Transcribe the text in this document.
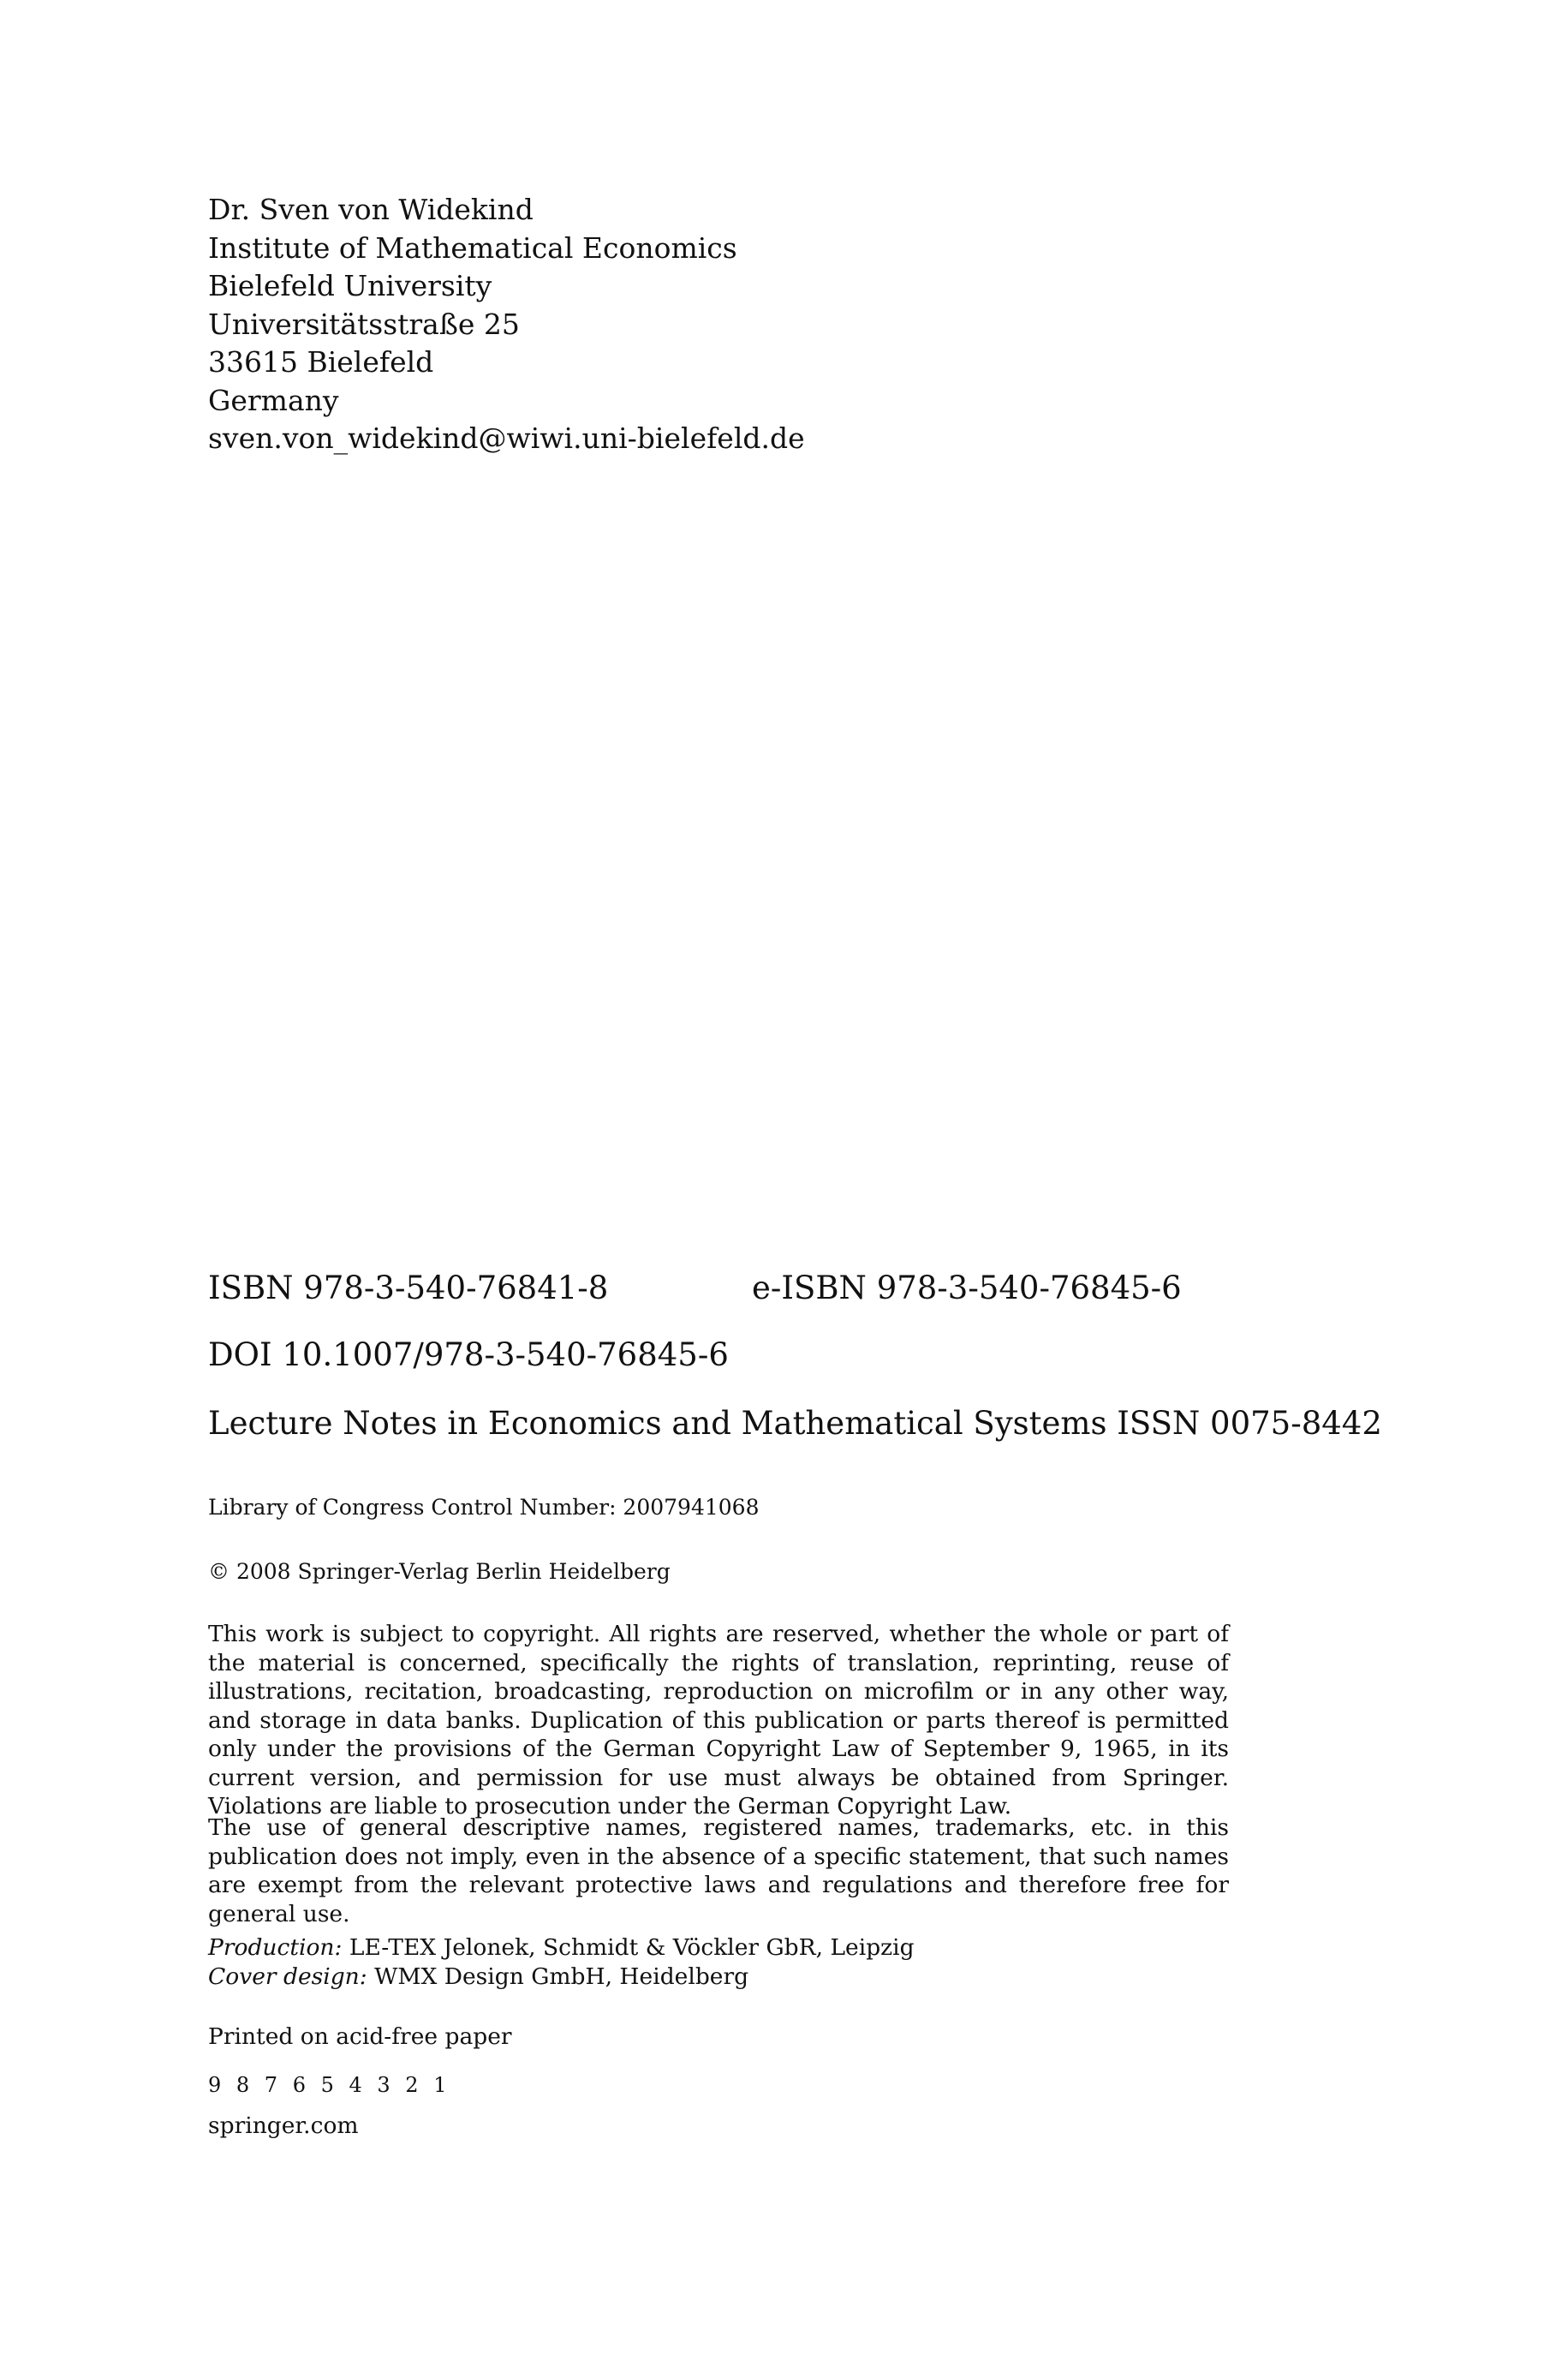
Dr. Sven von Widekind
Institute of Mathematical Economics
Bielefeld University
Universitätsstraße 25
33615 Bielefeld
Germany
sven.von_widekind@wiwi.uni-bielefeld.de
ISBN 978-3-540-76841-8	e-ISBN 978-3-540-76845-6
DOI 10.1007/978-3-540-76845-6
Lecture Notes in Economics and Mathematical Systems ISSN 0075-8442
Library of Congress Control Number: 2007941068
© 2008 Springer-Verlag Berlin Heidelberg
This work is subject to copyright. All rights are reserved, whether the whole or part of the material is concerned, specifically the rights of translation, reprinting, reuse of illustrations, recitation, broadcasting, reproduction on microfilm or in any other way, and storage in data banks. Duplication of this publication or parts thereof is permitted only under the provisions of the German Copyright Law of September 9, 1965, in its current version, and permission for use must always be obtained from Springer. Violations are liable to prosecution under the German Copyright Law.
The use of general descriptive names, registered names, trademarks, etc. in this publication does not imply, even in the absence of a specific statement, that such names are exempt from the relevant protective laws and regulations and therefore free for general use.
Production: LE-TEX Jelonek, Schmidt & Vöckler GbR, Leipzig
Cover design: WMX Design GmbH, Heidelberg
Printed on acid-free paper
9 8 7 6 5 4 3 2 1
springer.com
